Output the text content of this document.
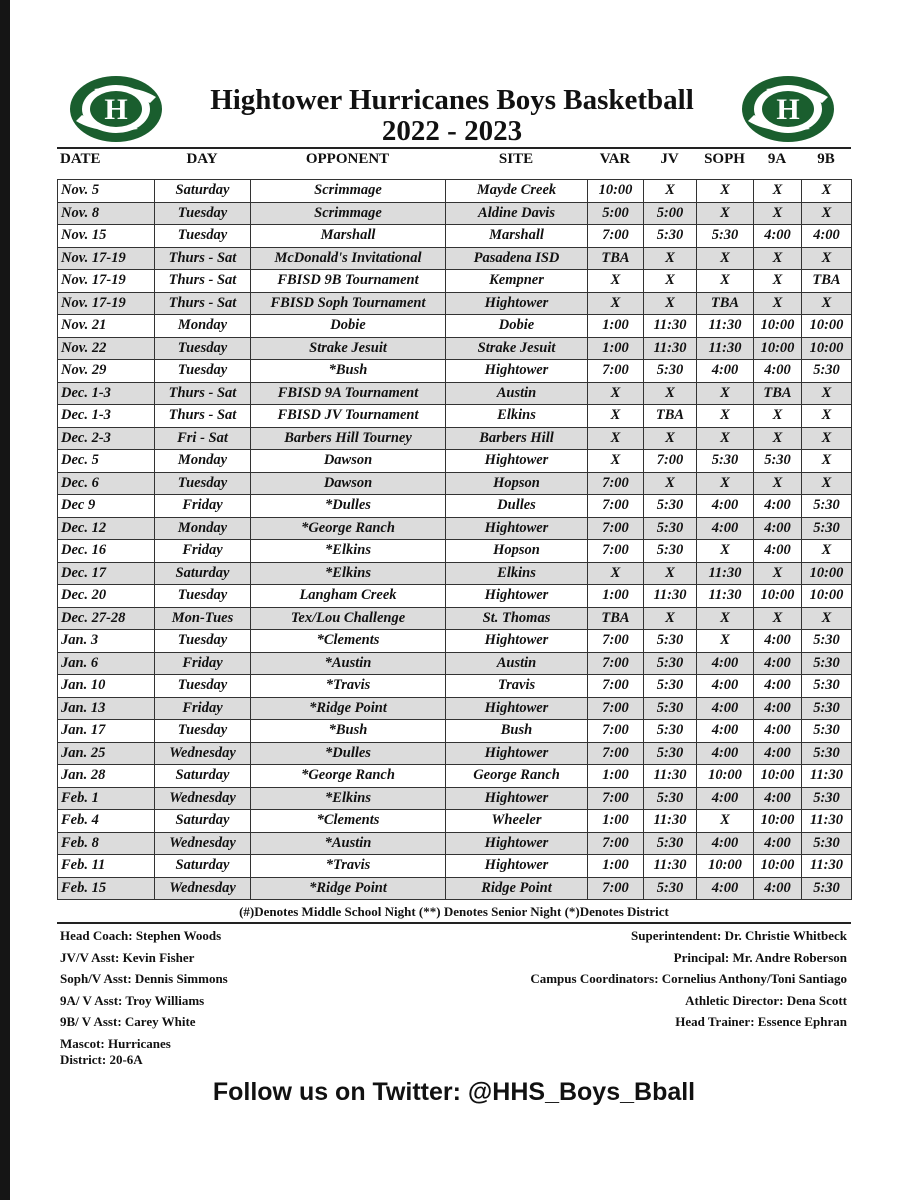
H	H
Hightower Hurricanes Boys Basketball
2022 - 2023
DATE	DAY	OPPONENT	SITE	VAR	JV	SOPH	9A	9B
Nov. 5	Saturday	Scrimmage	Mayde Creek	10:00	X	X	X	X
Nov. 8	Tuesday	Scrimmage	Aldine Davis	5:00	5:00	X	X	X
Nov. 15	Tuesday	Marshall	Marshall	7:00	5:30	5:30	4:00	4:00
Nov. 17-19	Thurs - Sat	McDonald's Invitational	Pasadena ISD	TBA	X	X	X	X
Nov. 17-19	Thurs - Sat	FBISD 9B Tournament	Kempner	X	X	X	X	TBA
Nov. 17-19	Thurs - Sat	FBISD Soph Tournament	Hightower	X	X	TBA	X	X
Nov. 21	Monday	Dobie	Dobie	1:00	11:30	11:30	10:00	10:00
Nov. 22	Tuesday	Strake Jesuit	Strake Jesuit	1:00	11:30	11:30	10:00	10:00
Nov. 29	Tuesday	*Bush	Hightower	7:00	5:30	4:00	4:00	5:30
Dec. 1-3	Thurs - Sat	FBISD 9A Tournament	Austin	X	X	X	TBA	X
Dec. 1-3	Thurs - Sat	FBISD JV Tournament	Elkins	X	TBA	X	X	X
Dec. 2-3	Fri - Sat	Barbers Hill Tourney	Barbers Hill	X	X	X	X	X
Dec. 5	Monday	Dawson	Hightower	X	7:00	5:30	5:30	X
Dec. 6	Tuesday	Dawson	Hopson	7:00	X	X	X	X
Dec 9	Friday	*Dulles	Dulles	7:00	5:30	4:00	4:00	5:30
Dec. 12	Monday	*George Ranch	Hightower	7:00	5:30	4:00	4:00	5:30
Dec. 16	Friday	*Elkins	Hopson	7:00	5:30	X	4:00	X
Dec. 17	Saturday	*Elkins	Elkins	X	X	11:30	X	10:00
Dec. 20	Tuesday	Langham Creek	Hightower	1:00	11:30	11:30	10:00	10:00
Dec. 27-28	Mon-Tues	Tex/Lou Challenge	St. Thomas	TBA	X	X	X	X
Jan. 3	Tuesday	*Clements	Hightower	7:00	5:30	X	4:00	5:30
Jan. 6	Friday	*Austin	Austin	7:00	5:30	4:00	4:00	5:30
Jan. 10	Tuesday	*Travis	Travis	7:00	5:30	4:00	4:00	5:30
Jan. 13	Friday	*Ridge Point	Hightower	7:00	5:30	4:00	4:00	5:30
Jan. 17	Tuesday	*Bush	Bush	7:00	5:30	4:00	4:00	5:30
Jan. 25	Wednesday	*Dulles	Hightower	7:00	5:30	4:00	4:00	5:30
Jan. 28	Saturday	*George Ranch	George Ranch	1:00	11:30	10:00	10:00	11:30
Feb. 1	Wednesday	*Elkins	Hightower	7:00	5:30	4:00	4:00	5:30
Feb. 4	Saturday	*Clements	Wheeler	1:00	11:30	X	10:00	11:30
Feb. 8	Wednesday	*Austin	Hightower	7:00	5:30	4:00	4:00	5:30
Feb. 11	Saturday	*Travis	Hightower	1:00	11:30	10:00	10:00	11:30
Feb. 15	Wednesday	*Ridge Point	Ridge Point	7:00	5:30	4:00	4:00	5:30
(#)Denotes Middle School Night (**) Denotes Senior Night (*)Denotes District
Head Coach: Stephen Woods
JV/V Asst: Kevin Fisher
Soph/V Asst: Dennis Simmons
9A/ V Asst: Troy Williams
9B/ V Asst: Carey White
Mascot: Hurricanes
District: 20-6A
Superintendent: Dr. Christie Whitbeck
Principal: Mr. Andre Roberson
Campus Coordinators: Cornelius Anthony/Toni Santiago
Athletic Director: Dena Scott
Head Trainer: Essence Ephran
Follow us on Twitter: @HHS_Boys_Bball
